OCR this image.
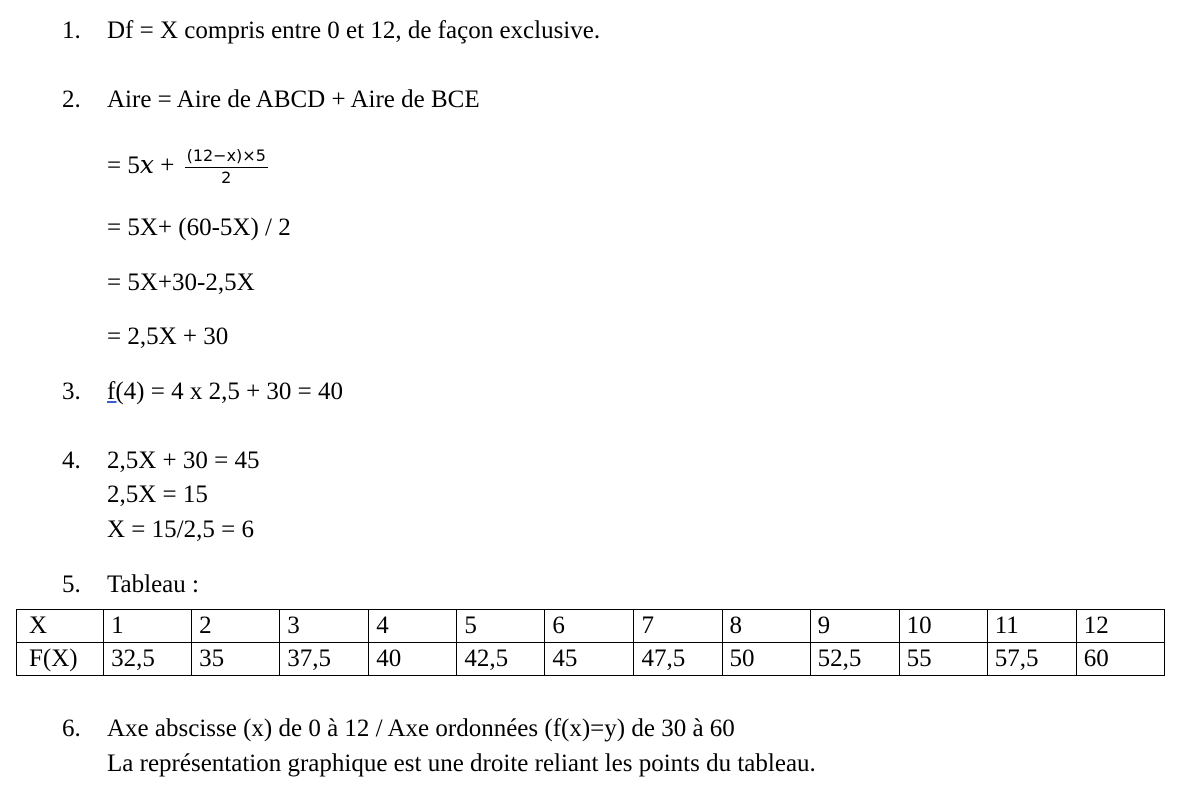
1. Df = X compris entre 0 et 12, de façon exclusive.
2. Aire = Aire de ABCD + Aire de BCE
= $5x + \frac{(12-x)\times 5}{2}$
= 5X+ (60-5X) / 2
= 5X+30-2,5X
= 2,5X + 30
3. f(4) = 4 x 2,5 + 30 = 40
4. 2,5X + 30 = 45
2,5X = 15
X = 15/2,5 = 6
5. Tableau :
X	1	2	3	4	5	6	7	8	9	10	11	12
F(X)	32,5	35	37,5	40	42,5	45	47,5	50	52,5	55	57,5	60
6. Axe abscisse (x) de 0 à 12 / Axe ordonnées (f(x)=y) de 30 à 60
La représentation graphique est une droite reliant les points du tableau.
